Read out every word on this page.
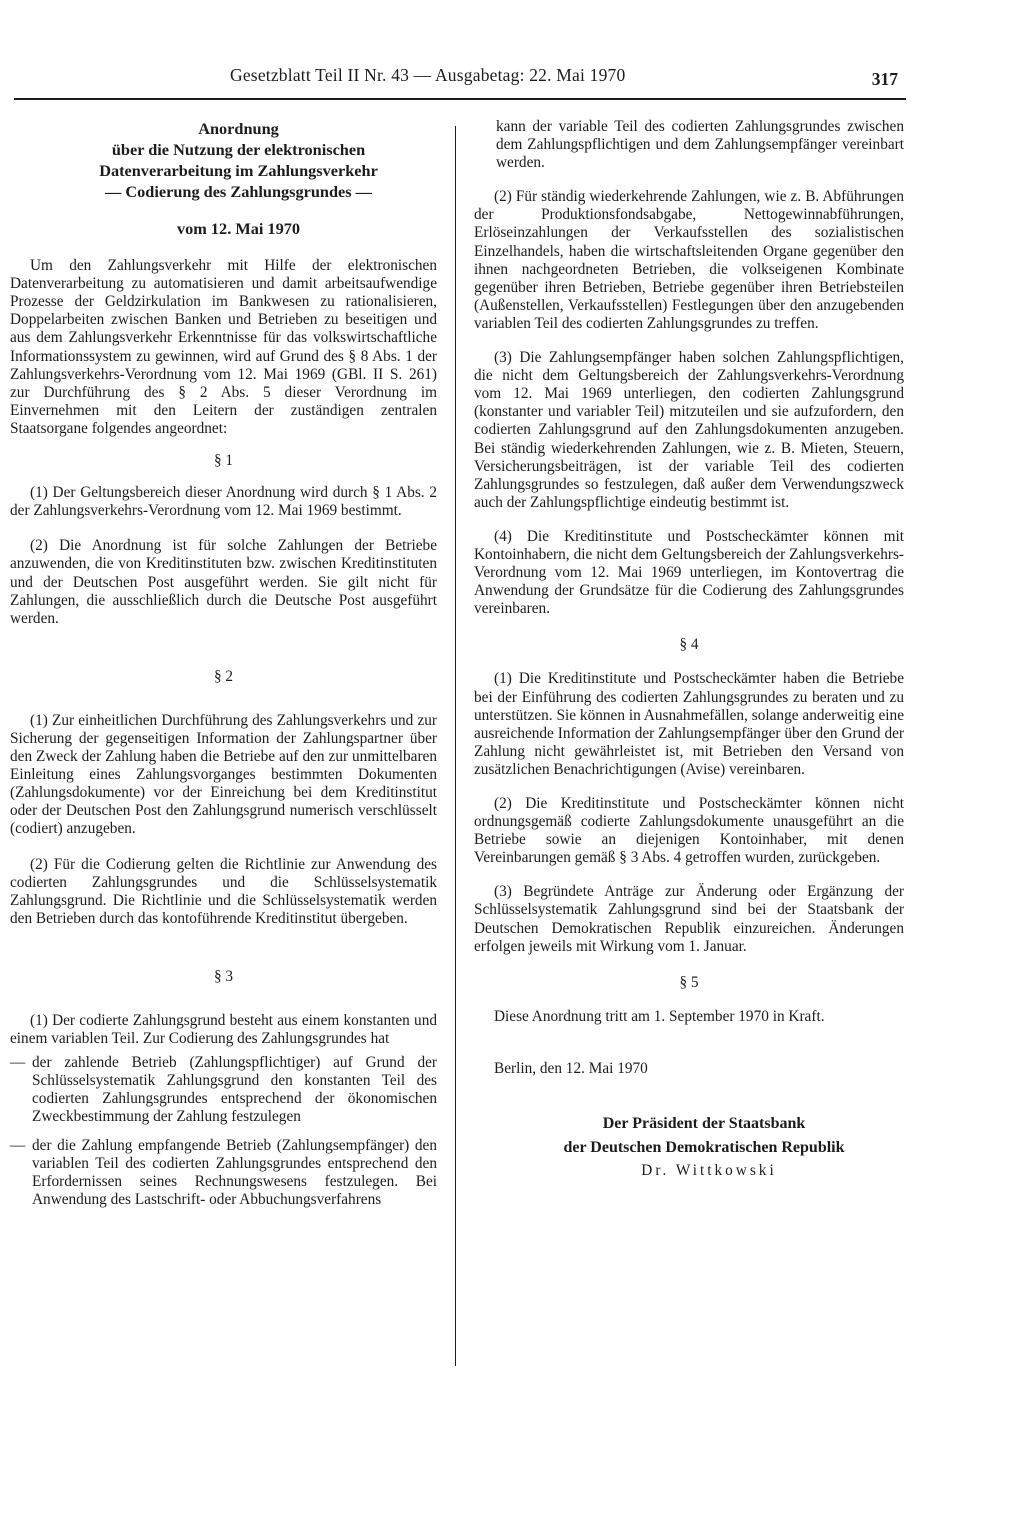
Gesetzblatt Teil II Nr. 43 — Ausgabetag: 22. Mai 1970	317
Anordnung
über die Nutzung der elektronischen
Datenverarbeitung im Zahlungsverkehr
— Codierung des Zahlungsgrundes —
vom 12. Mai 1970

Um den Zahlungsverkehr mit Hilfe der elektronischen Datenverarbeitung zu automatisieren und damit arbeitsaufwendige Prozesse der Geldzirkulation im Bankwesen zu rationalisieren, Doppelarbeiten zwischen Banken und Betrieben zu beseitigen und aus dem Zahlungsverkehr Erkenntnisse für das volkswirtschaftliche Informationssystem zu gewinnen, wird auf Grund des § 8 Abs. 1 der Zahlungsverkehrs-Verordnung vom 12. Mai 1969 (GBl. II S. 261) zur Durchführung des § 2 Abs. 5 dieser Verordnung im Einvernehmen mit den Leitern der zuständigen zentralen Staatsorgane folgendes angeordnet:

§ 1

(1) Der Geltungsbereich dieser Anordnung wird durch § 1 Abs. 2 der Zahlungsverkehrs-Verordnung vom 12. Mai 1969 bestimmt.

(2) Die Anordnung ist für solche Zahlungen der Betriebe anzuwenden, die von Kreditinstituten bzw. zwischen Kreditinstituten und der Deutschen Post ausgeführt werden. Sie gilt nicht für Zahlungen, die ausschließlich durch die Deutsche Post ausgeführt werden.

§ 2

(1) Zur einheitlichen Durchführung des Zahlungsverkehrs und zur Sicherung der gegenseitigen Information der Zahlungspartner über den Zweck der Zahlung haben die Betriebe auf den zur unmittelbaren Einleitung eines Zahlungsvorganges bestimmten Dokumenten (Zahlungsdokumente) vor der Einreichung bei dem Kreditinstitut oder der Deutschen Post den Zahlungsgrund numerisch verschlüsselt (codiert) anzugeben.

(2) Für die Codierung gelten die Richtlinie zur Anwendung des codierten Zahlungsgrundes und die Schlüsselsystematik Zahlungsgrund. Die Richtlinie und die Schlüsselsystematik werden den Betrieben durch das kontoführende Kreditinstitut übergeben.

§ 3

(1) Der codierte Zahlungsgrund besteht aus einem konstanten und einem variablen Teil. Zur Codierung des Zahlungsgrundes hat

— der zahlende Betrieb (Zahlungspflichtiger) auf Grund der Schlüsselsystematik Zahlungsgrund den konstanten Teil des codierten Zahlungsgrundes entsprechend der ökonomischen Zweckbestimmung der Zahlung festzulegen
— der die Zahlung empfangende Betrieb (Zahlungsempfänger) den variablen Teil des codierten Zahlungsgrundes entsprechend den Erfordernissen seines Rechnungswesens festzulegen. Bei Anwendung des Lastschrift- oder Abbuchungsverfahrens

kann der variable Teil des codierten Zahlungsgrundes zwischen dem Zahlungspflichtigen und dem Zahlungsempfänger vereinbart werden.

(2) Für ständig wiederkehrende Zahlungen, wie z. B. Abführungen der Produktionsfondsabgabe, Nettogewinnabführungen, Erlöseinzahlungen der Verkaufsstellen des sozialistischen Einzelhandels, haben die wirtschaftsleitenden Organe gegenüber den ihnen nachgeordneten Betrieben, die volkseigenen Kombinate gegenüber ihren Betrieben, Betriebe gegenüber ihren Betriebsteilen (Außenstellen, Verkaufsstellen) Festlegungen über den anzugebenden variablen Teil des codierten Zahlungsgrundes zu treffen.

(3) Die Zahlungsempfänger haben solchen Zahlungspflichtigen, die nicht dem Geltungsbereich der Zahlungsverkehrs-Verordnung vom 12. Mai 1969 unterliegen, den codierten Zahlungsgrund (konstanter und variabler Teil) mitzuteilen und sie aufzufordern, den codierten Zahlungsgrund auf den Zahlungsdokumenten anzugeben. Bei ständig wiederkehrenden Zahlungen, wie z. B. Mieten, Steuern, Versicherungsbeiträgen, ist der variable Teil des codierten Zahlungsgrundes so festzulegen, daß außer dem Verwendungszweck auch der Zahlungspflichtige eindeutig bestimmt ist.

(4) Die Kreditinstitute und Postscheckämter können mit Kontoinhabern, die nicht dem Geltungsbereich der Zahlungsverkehrs-Verordnung vom 12. Mai 1969 unterliegen, im Kontovertrag die Anwendung der Grundsätze für die Codierung des Zahlungsgrundes vereinbaren.

§ 4

(1) Die Kreditinstitute und Postscheckämter haben die Betriebe bei der Einführung des codierten Zahlungsgrundes zu beraten und zu unterstützen. Sie können in Ausnahmefällen, solange anderweitig eine ausreichende Information der Zahlungsempfänger über den Grund der Zahlung nicht gewährleistet ist, mit Betrieben den Versand von zusätzlichen Benachrichtigungen (Avise) vereinbaren.

(2) Die Kreditinstitute und Postscheckämter können nicht ordnungsgemäß codierte Zahlungsdokumente unausgeführt an die Betriebe sowie an diejenigen Kontoinhaber, mit denen Vereinbarungen gemäß § 3 Abs. 4 getroffen wurden, zurückgeben.

(3) Begründete Anträge zur Änderung oder Ergänzung der Schlüsselsystematik Zahlungsgrund sind bei der Staatsbank der Deutschen Demokratischen Republik einzureichen. Änderungen erfolgen jeweils mit Wirkung vom 1. Januar.

§ 5

Diese Anordnung tritt am 1. September 1970 in Kraft.

Berlin, den 12. Mai 1970

Der Präsident der Staatsbank
der Deutschen Demokratischen Republik
Dr. Wittkowski
